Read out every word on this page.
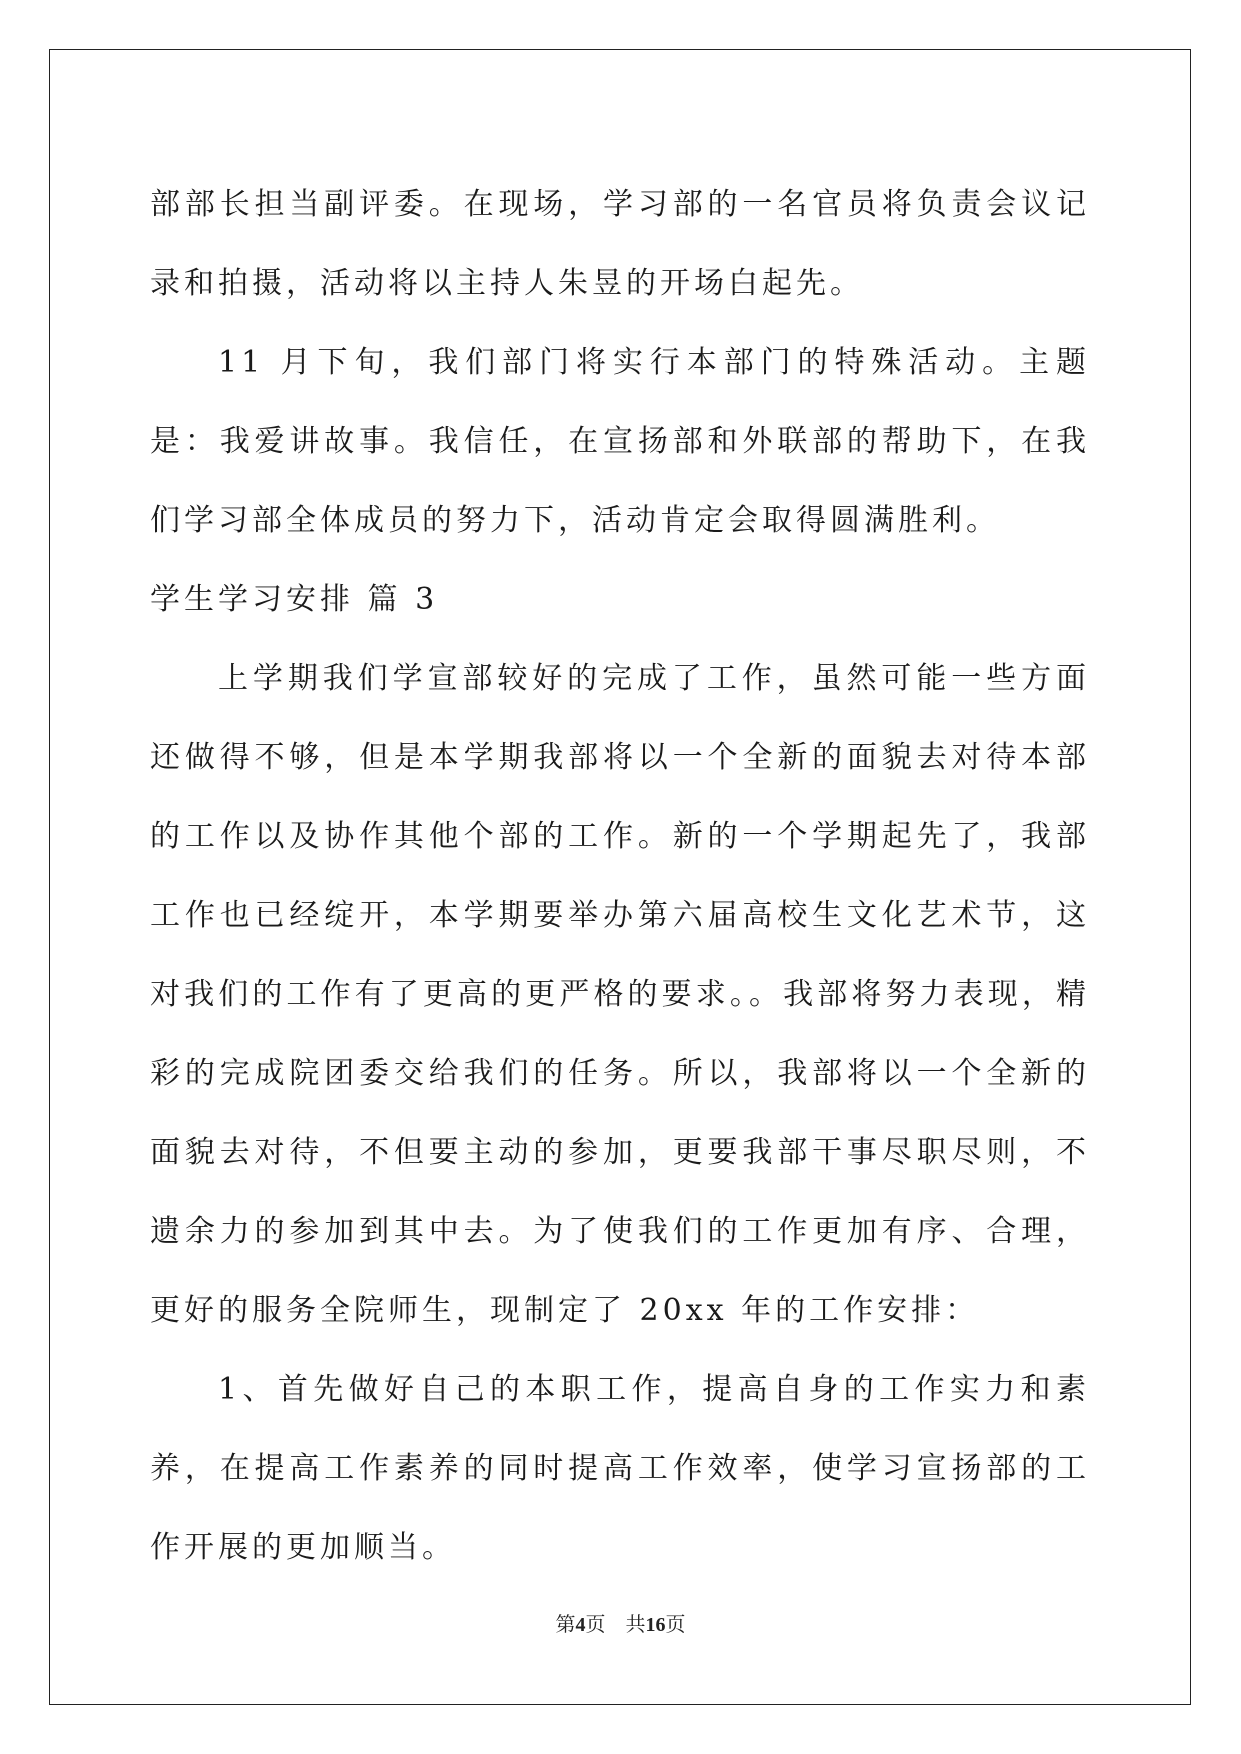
部部长担当副评委。在现场，学习部的一名官员将负责会议记录和拍摄，活动将以主持人朱昱的开场白起先。

11 月下旬，我们部门将实行本部门的特殊活动。主题是：我爱讲故事。我信任，在宣扬部和外联部的帮助下，在我们学习部全体成员的努力下，活动肯定会取得圆满胜利。

学生学习安排 篇 3

上学期我们学宣部较好的完成了工作，虽然可能一些方面还做得不够，但是本学期我部将以一个全新的面貌去对待本部的工作以及协作其他个部的工作。新的一个学期起先了，我部工作也已经绽开，本学期要举办第六届高校生文化艺术节，这对我们的工作有了更高的更严格的要求。。我部将努力表现，精彩的完成院团委交给我们的任务。所以，我部将以一个全新的面貌去对待，不但要主动的参加，更要我部干事尽职尽则，不遗余力的参加到其中去。为了使我们的工作更加有序、合理，更好的服务全院师生，现制定了 20xx 年的工作安排：

1、首先做好自己的本职工作，提高自身的工作实力和素养，在提高工作素养的同时提高工作效率，使学习宣扬部的工作开展的更加顺当。

第4页　共16页
